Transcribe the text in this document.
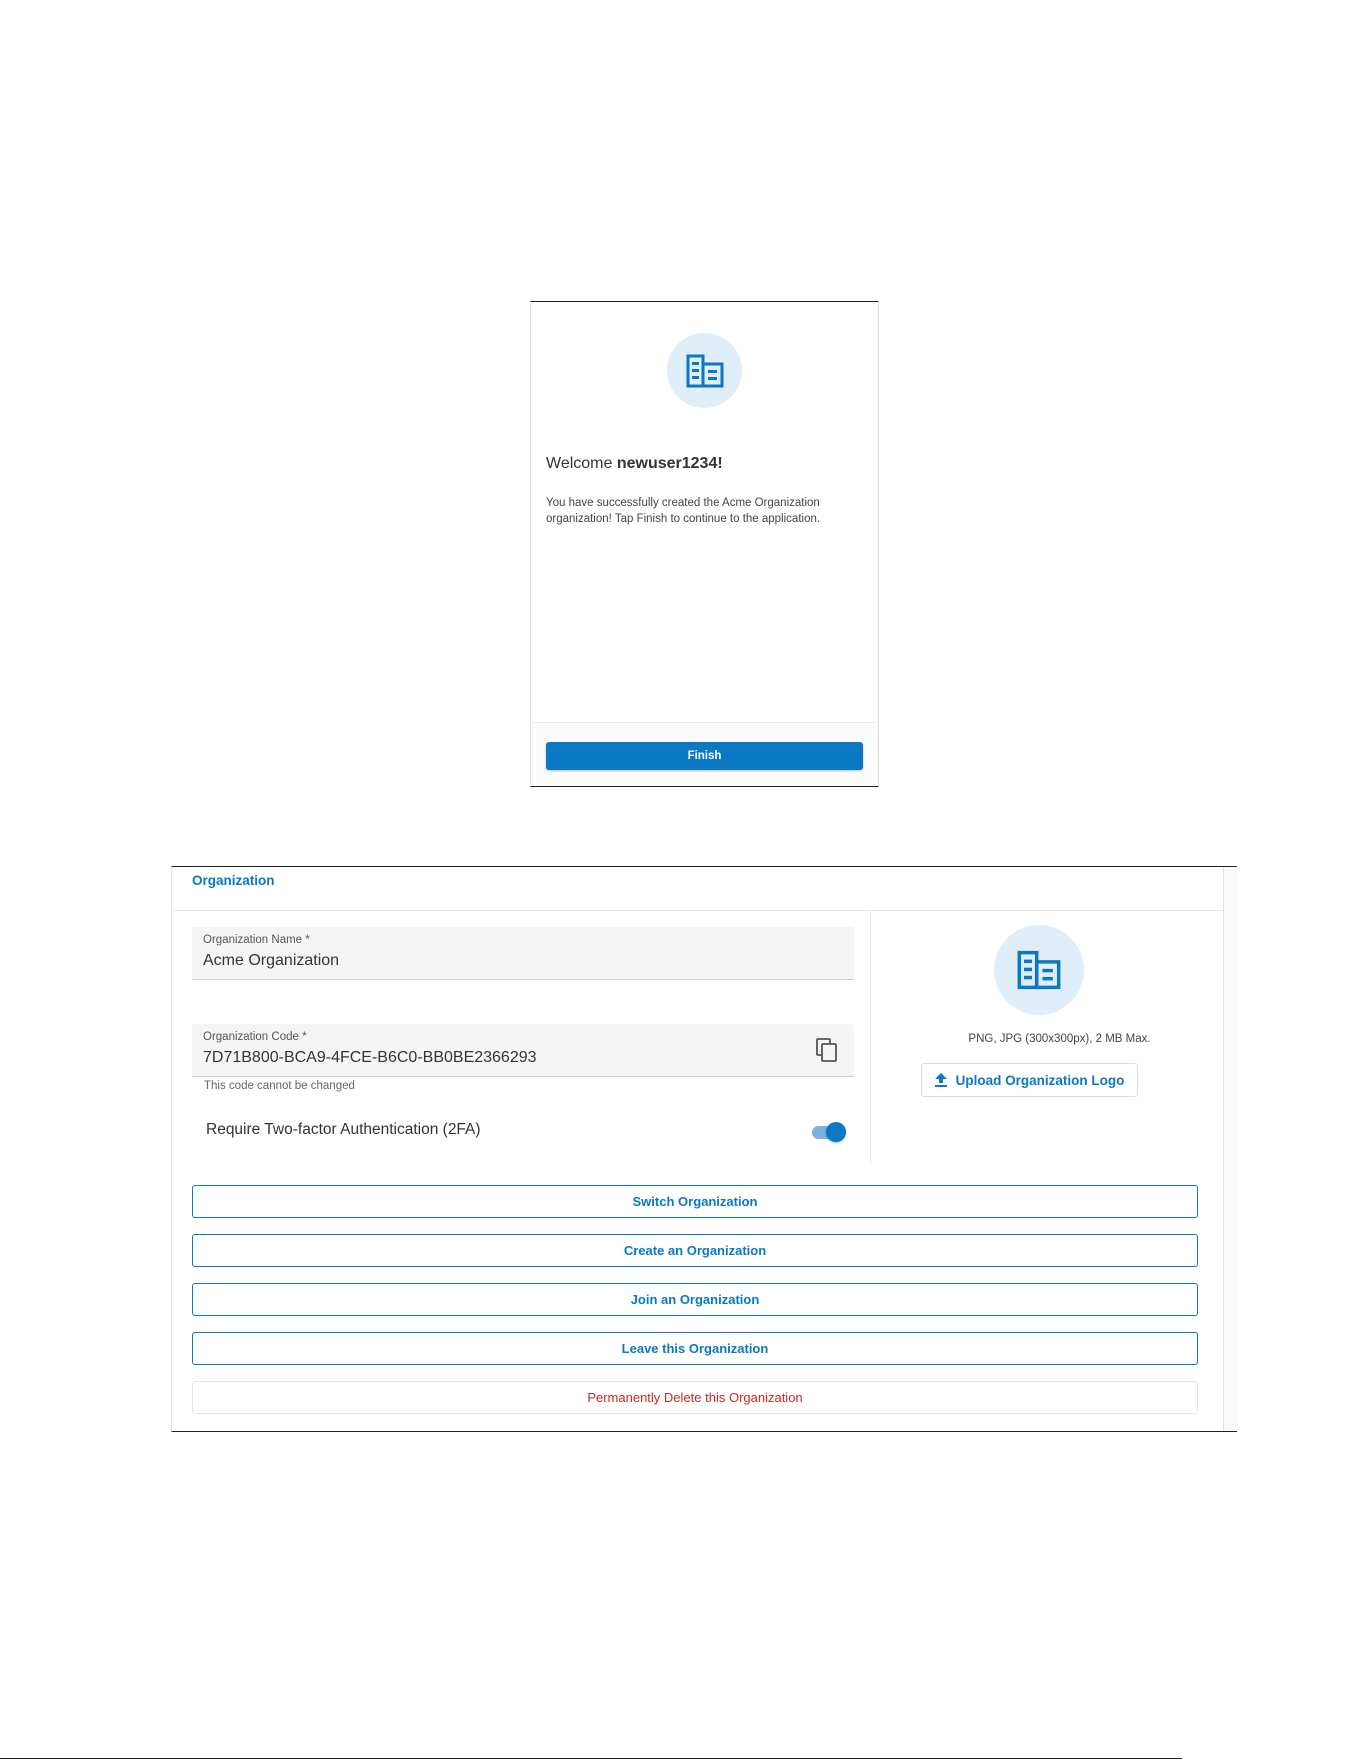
Welcome newuser1234!

You have successfully created the Acme Organization organization! Tap Finish to continue to the application.

Finish
Organization
Organization Name *
Acme Organization
Organization Code *
7D71B800-BCA9-4FCE-B6C0-BB0BE2366293
This code cannot be changed
Require Two-factor Authentication (2FA)
PNG, JPG (300x300px), 2 MB Max.
Upload Organization Logo
Switch Organization
Create an Organization
Join an Organization
Leave this Organization
Permanently Delete this Organization
